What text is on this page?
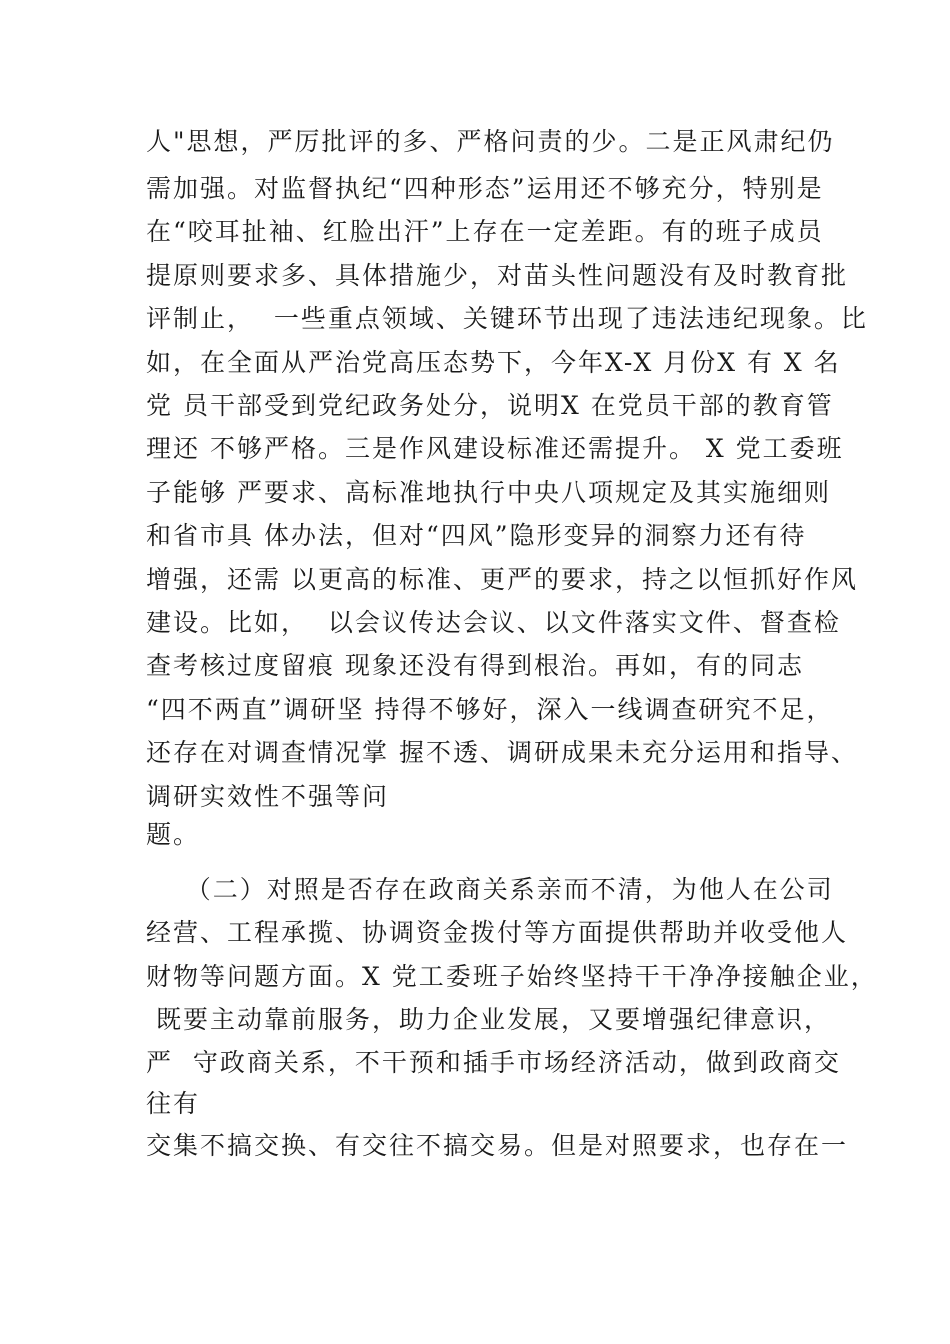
人"思想，严厉批评的多、严格问责的少。二是正风肃纪仍

需加强。对监督执纪“四种形态”运用还不够充分，特别是

在“咬耳扯袖、红脸出汗”上存在一定差距。有的班子成员

提原则要求多、具体措施少，对苗头性问题没有及时教育批

评制止，  一些重点领域、关键环节出现了违法违纪现象。比

如，在全面从严治党高压态势下，今年X-X 月份X 有 X 名

党 员干部受到党纪政务处分，说明X 在党员干部的教育管

理还 不够严格。三是作风建设标准还需提升。 X 党工委班

子能够 严要求、高标准地执行中央八项规定及其实施细则

和省市具 体办法，但对“四风”隐形变异的洞察力还有待

增强，还需 以更高的标准、更严的要求，持之以恒抓好作风

建设。比如，  以会议传达会议、以文件落实文件、督查检

查考核过度留痕 现象还没有得到根治。再如，有的同志

“四不两直”调研坚 持得不够好，深入一线调查研究不足，

还存在对调查情况掌 握不透、调研成果未充分运用和指导、

调研实效性不强等问

题。

（二）对照是否存在政商关系亲而不清，为他人在公司

经营、工程承揽、协调资金拨付等方面提供帮助并收受他人

财物等问题方面。X 党工委班子始终坚持干干净净接触企业，

既要主动靠前服务，助力企业发展，又要增强纪律意识，

严  守政商关系，不干预和插手市场经济活动，做到政商交

往有

交集不搞交换、有交往不搞交易。但是对照要求，也存在一
